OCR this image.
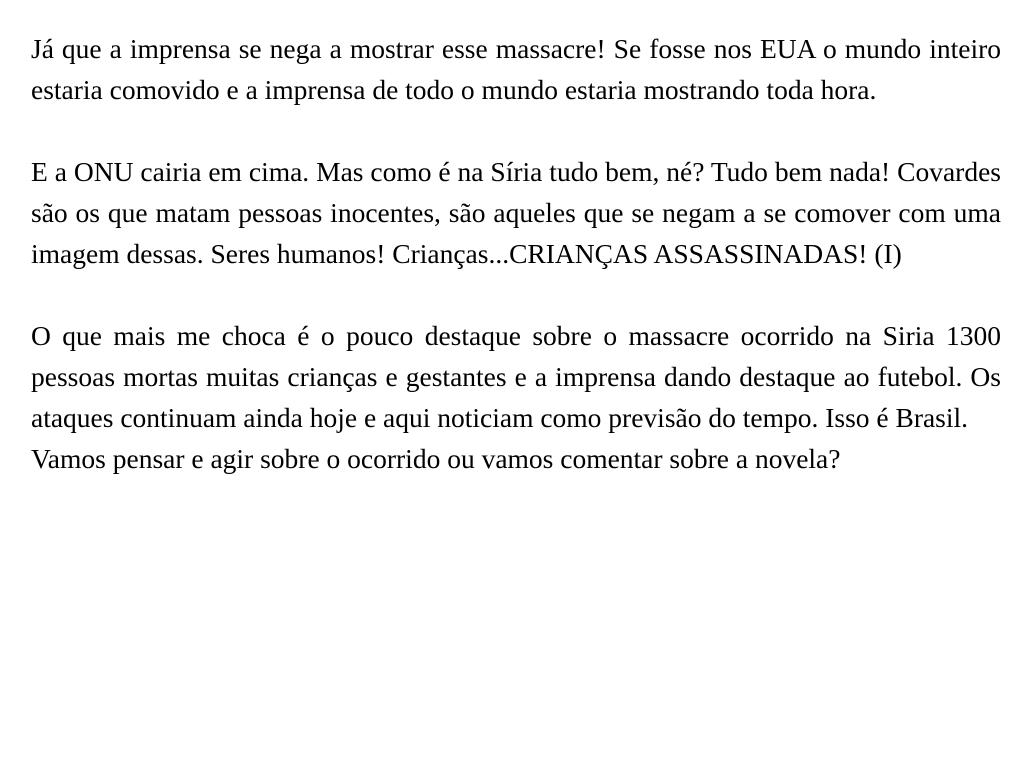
Já que a imprensa se nega a mostrar esse massacre! Se fosse nos EUA o mundo inteiro estaria comovido e a imprensa de todo o mundo estaria mostrando toda hora.

E a ONU cairia em cima. Mas como é na Síria tudo bem, né? Tudo bem nada! Covardes são os que matam pessoas inocentes, são aqueles que se negam a se comover com uma imagem dessas. Seres humanos! Crianças...CRIANÇAS ASSASSINADAS! (I)

O que mais me choca é o pouco destaque sobre o massacre ocorrido na Siria 1300 pessoas mortas muitas crianças e gestantes e a imprensa dando destaque ao futebol. Os ataques continuam ainda hoje e aqui noticiam como previsão do tempo. Isso é Brasil.

Vamos pensar e agir sobre o ocorrido ou vamos comentar sobre a novela?
